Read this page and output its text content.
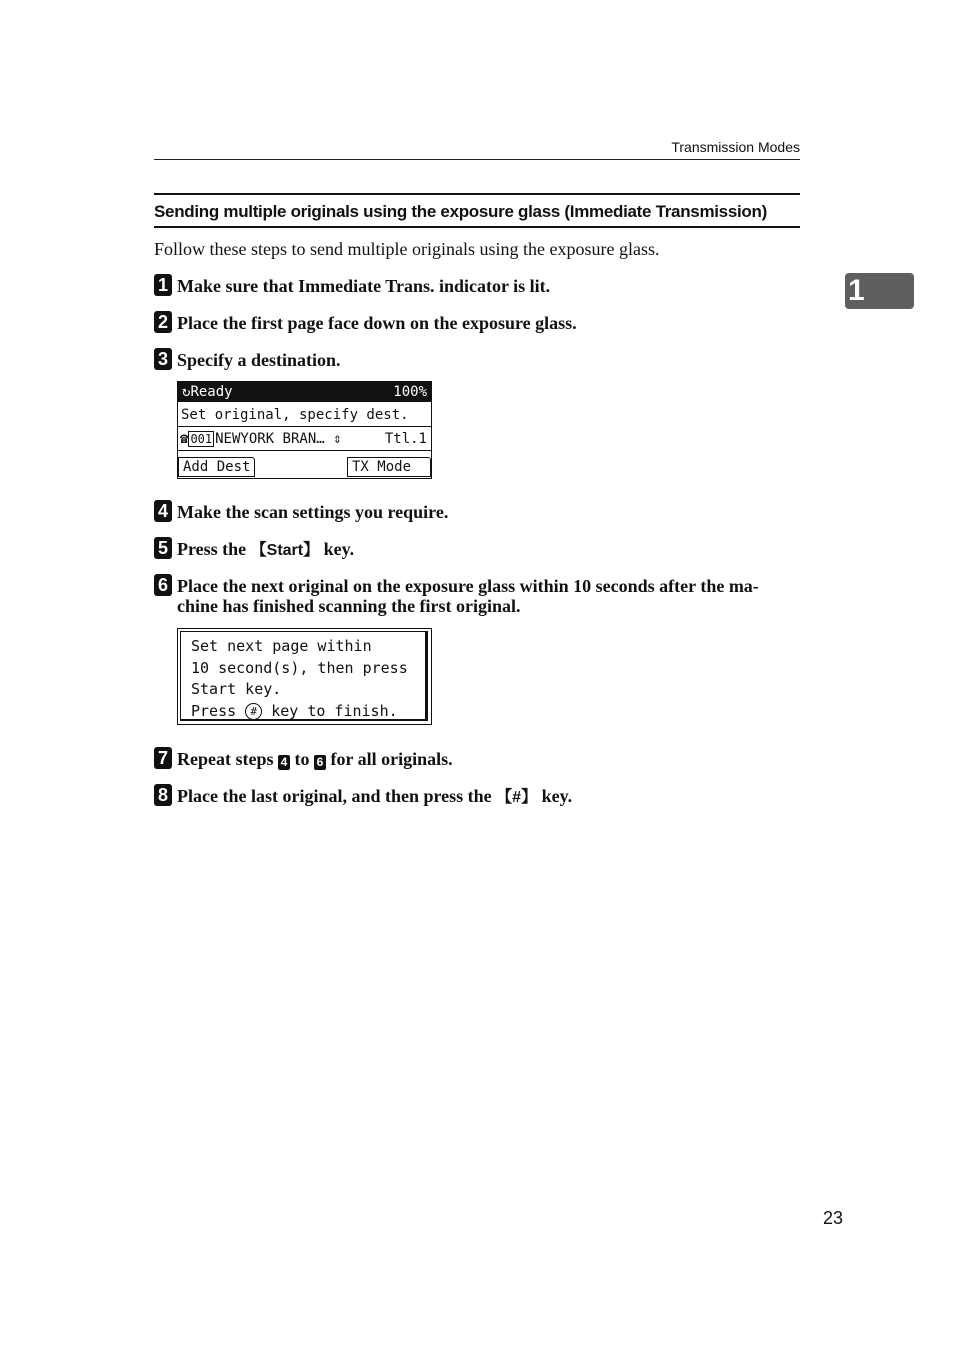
Transmission Modes
Sending multiple originals using the exposure glass (Immediate Transmission)
Follow these steps to send multiple originals using the exposure glass.
1
1 Make sure that Immediate Trans. indicator is lit.
2 Place the first page face down on the exposure glass.
3 Specify a destination.
↻Ready	100%
Set original, specify dest.
☎ 001 NEWYORK BRAN… ⇕	Ttl.1
Add Dest	TX Mode
4 Make the scan settings you require.
5 Press the 【Start】 key.
6 Place the next original on the exposure glass within 10 seconds after the ma-
chine has finished scanning the first original.
Set next page within
10 second(s), then press
Start key.
Press # key to finish.
7 Repeat steps 4 to 6 for all originals.
8 Place the last original, and then press the 【#】 key.
23
